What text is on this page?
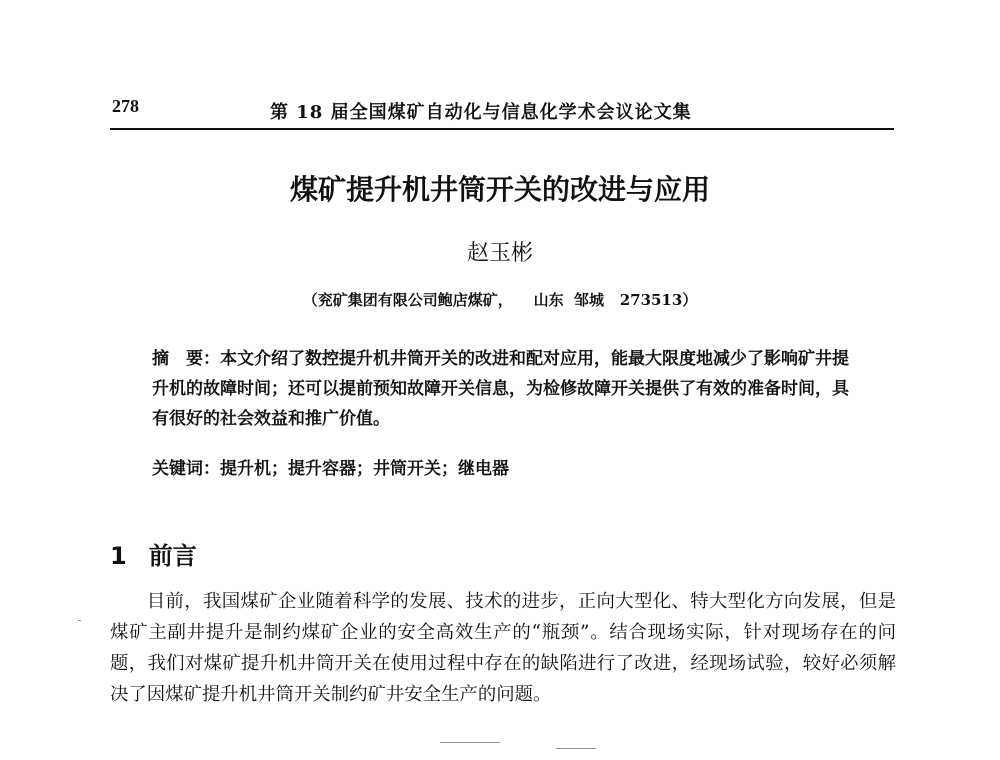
278	第 18 届全国煤矿自动化与信息化学术会议论文集
煤矿提升机井筒开关的改进与应用
赵玉彬
（兖矿集团有限公司鲍店煤矿，    山东  邹城   273513）
摘　要：本文介绍了数控提升机井筒开关的改进和配对应用，能最大限度地减少了影响矿井提升机的故障时间；还可以提前预知故障开关信息，为检修故障开关提供了有效的准备时间，具有很好的社会效益和推广价值。
关键词：提升机；提升容器；井筒开关；继电器
1 前言
目前，我国煤矿企业随着科学的发展、技术的进步，正向大型化、特大型化方向发展，但是煤矿主副井提升是制约煤矿企业的安全高效生产的“瓶颈”。结合现场实际，针对现场存在的问题，我们对煤矿提升机井筒开关在使用过程中存在的缺陷进行了改进，经现场试验，较好必须解决了因煤矿提升机井筒开关制约矿井安全生产的问题。
